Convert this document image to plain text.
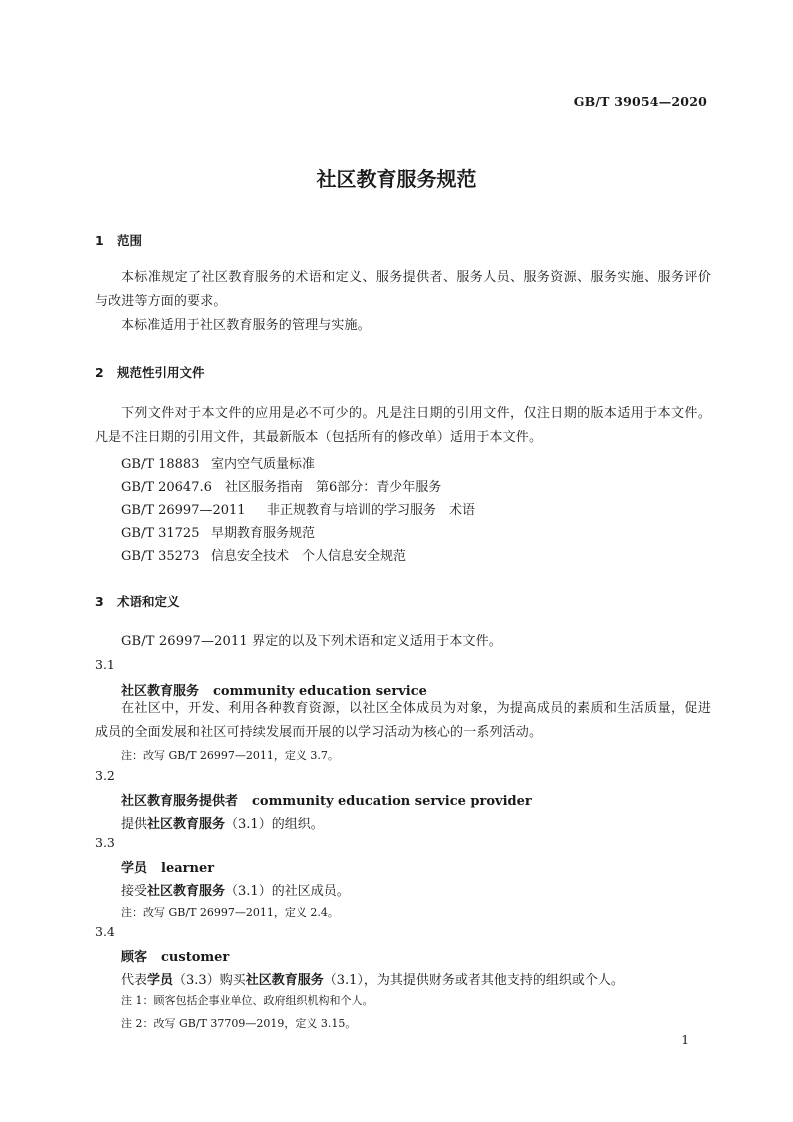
GB/T 39054—2020
社区教育服务规范
1 范围
本标准规定了社区教育服务的术语和定义、服务提供者、服务人员、服务资源、服务实施、服务评价与改进等方面的要求。
本标准适用于社区教育服务的管理与实施。
2 规范性引用文件
下列文件对于本文件的应用是必不可少的。凡是注日期的引用文件，仅注日期的版本适用于本文件。凡是不注日期的引用文件，其最新版本（包括所有的修改单）适用于本文件。
GB/T 18883 室内空气质量标准
GB/T 20647.6 社区服务指南　第6部分：青少年服务
GB/T 26997—2011 非正规教育与培训的学习服务　术语
GB/T 31725 早期教育服务规范
GB/T 35273 信息安全技术　个人信息安全规范
3 术语和定义
GB/T 26997—2011 界定的以及下列术语和定义适用于本文件。
3.1
社区教育服务 community education service
在社区中，开发、利用各种教育资源，以社区全体成员为对象，为提高成员的素质和生活质量，促进成员的全面发展和社区可持续发展而开展的以学习活动为核心的一系列活动。
注：改写 GB/T 26997—2011，定义 3.7。
3.2
社区教育服务提供者 community education service provider
提供社区教育服务（3.1）的组织。
3.3
学员 learner
接受社区教育服务（3.1）的社区成员。
注：改写 GB/T 26997—2011，定义 2.4。
3.4
顾客 customer
代表学员（3.3）购买社区教育服务（3.1），为其提供财务或者其他支持的组织或个人。
注 1：顾客包括企事业单位、政府组织机构和个人。
注 2：改写 GB/T 37709—2019，定义 3.15。
1
